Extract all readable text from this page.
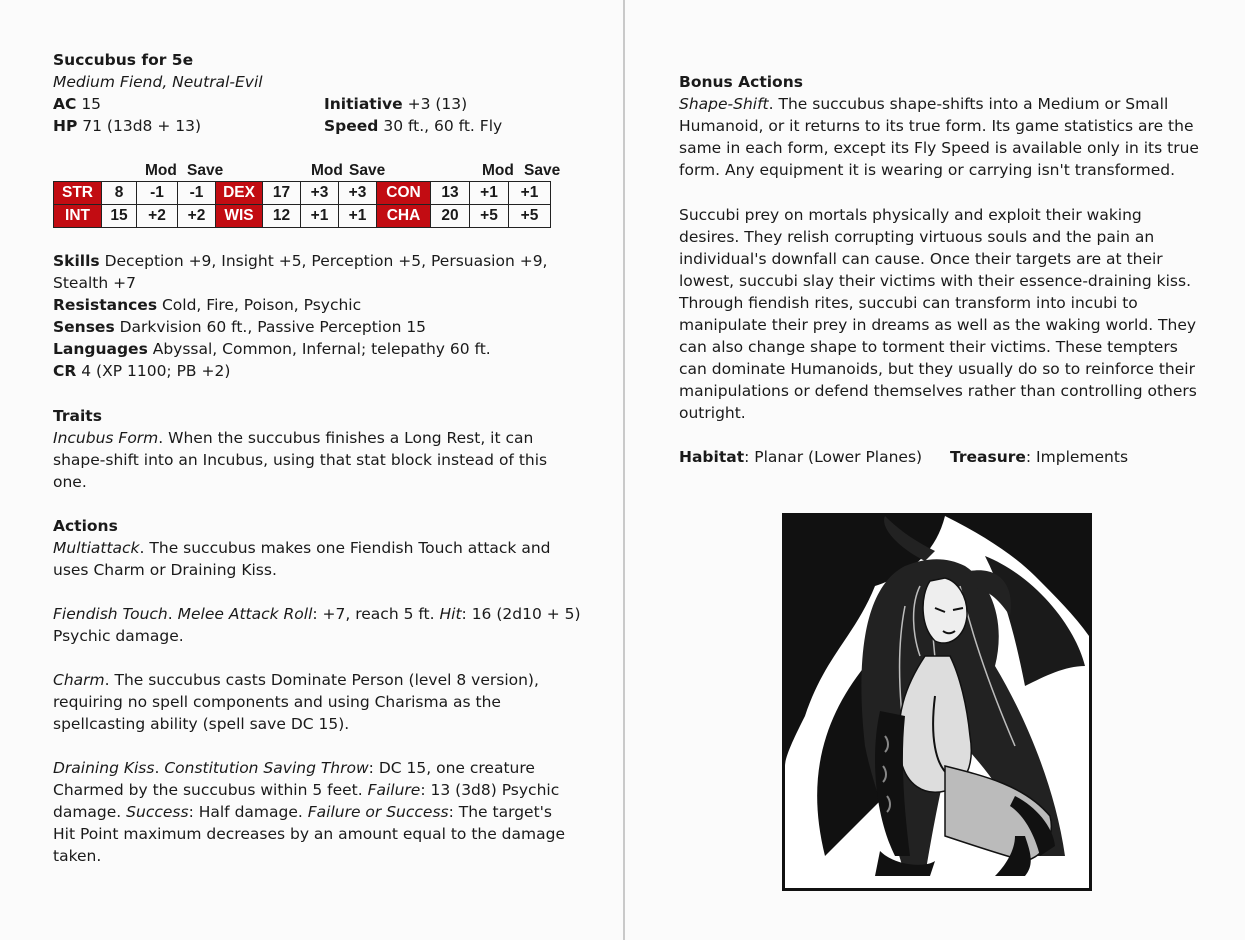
Succubus for 5e
Medium Fiend, Neutral-Evil
AC 15
HP 71 (13d8 + 13)
Initiative +3 (13)
Speed 30 ft., 60 ft. Fly
Mod Save	Mod Save	Mod Save
STR	8	-1	-1	DEX	17	+3	+3	CON	13	+1	+1
INT	15	+2	+2	WIS	12	+1	+1	CHA	20	+5	+5

Skills Deception +9, Insight +5, Perception +5, Persuasion +9,

Stealth +7

Resistances Cold, Fire, Poison, Psychic

Senses Darkvision 60 ft., Passive Perception 15

Languages Abyssal, Common, Infernal; telepathy 60 ft.

CR 4 (XP 1100; PB +2)

Traits

Incubus Form. When the succubus finishes a Long Rest, it can

shape-shift into an Incubus, using that stat block instead of this

one.

Actions

Multiattack. The succubus makes one Fiendish Touch attack and

uses Charm or Draining Kiss.

Fiendish Touch. Melee Attack Roll: +7, reach 5 ft. Hit: 16 (2d10 + 5)

Psychic damage.

Charm. The succubus casts Dominate Person (level 8 version),

requiring no spell components and using Charisma as the

spellcasting ability (spell save DC 15).

Draining Kiss. Constitution Saving Throw: DC 15, one creature

Charmed by the succubus within 5 feet. Failure: 13 (3d8) Psychic

damage. Success: Half damage. Failure or Success: The target's

Hit Point maximum decreases by an amount equal to the damage

taken.

Bonus Actions

Shape-Shift. The succubus shape-shifts into a Medium or Small

Humanoid, or it returns to its true form. Its game statistics are the

same in each form, except its Fly Speed is available only in its true

form. Any equipment it is wearing or carrying isn't transformed.

Succubi prey on mortals physically and exploit their waking

desires. They relish corrupting virtuous souls and the pain an

individual's downfall can cause. Once their targets are at their

lowest, succubi slay their victims with their essence-draining kiss.

Through fiendish rites, succubi can transform into incubi to

manipulate their prey in dreams as well as the waking world. They

can also change shape to torment their victims. These tempters

can dominate Humanoids, but they usually do so to reinforce their

manipulations or defend themselves rather than controlling others

outright.

Habitat: Planar (Lower Planes) Treasure: Implements
